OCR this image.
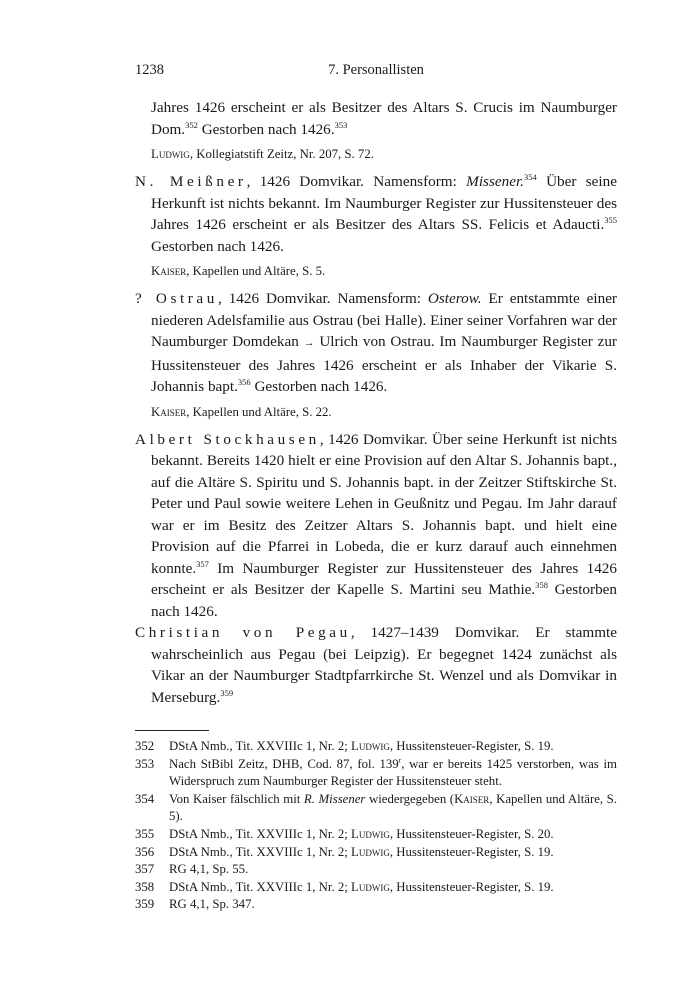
1238	7. Personallisten

Jahres 1426 erscheint er als Besitzer des Altars S. Crucis im Naumburger Dom.$^{352}$ Gestorben nach 1426.$^{353}$

Ludwig, Kollegiatstift Zeitz, Nr. 207, S. 72.

N. Meißner, 1426 Domvikar. Namensform: Missener.$^{354}$ Über seine Herkunft ist nichts bekannt. Im Naumburger Register zur Hussitensteuer des Jahres 1426 erscheint er als Besitzer des Altars SS. Felicis et Adaucti.$^{355}$ Gestorben nach 1426.

Kaiser, Kapellen und Altäre, S. 5.

? Ostrau, 1426 Domvikar. Namensform: Osterow. Er entstammte einer niederen Adelsfamilie aus Ostrau (bei Halle). Einer seiner Vorfahren war der Naumburger Domdekan → Ulrich von Ostrau. Im Naumburger Register zur Hussitensteuer des Jahres 1426 erscheint er als Inhaber der Vikarie S. Johannis bapt.$^{356}$ Gestorben nach 1426.

Kaiser, Kapellen und Altäre, S. 22.

Albert Stockhausen, 1426 Domvikar. Über seine Herkunft ist nichts bekannt. Bereits 1420 hielt er eine Provision auf den Altar S. Johannis bapt., auf die Altäre S. Spiritu und S. Johannis bapt. in der Zeitzer Stiftskirche St. Peter und Paul sowie weitere Lehen in Geußnitz und Pegau. Im Jahr darauf war er im Besitz des Zeitzer Altars S. Johannis bapt. und hielt eine Provision auf die Pfarrei in Lobeda, die er kurz darauf auch einnehmen konnte.$^{357}$ Im Naumburger Register zur Hussitensteuer des Jahres 1426 erscheint er als Besitzer der Kapelle S. Martini seu Mathie.$^{358}$ Gestorben nach 1426.

Christian von Pegau, 1427–1439 Domvikar. Er stammte wahrscheinlich aus Pegau (bei Leipzig). Er begegnet 1424 zunächst als Vikar an der Naumburger Stadtpfarrkirche St. Wenzel und als Domvikar in Merseburg.$^{359}$

352 DStA Nmb., Tit. XXVIIIc 1, Nr. 2; Ludwig, Hussitensteuer-Register, S. 19.
353 Nach StBibl Zeitz, DHB, Cod. 87, fol. 139$^r$, war er bereits 1425 verstorben, was im Widerspruch zum Naumburger Register der Hussitensteuer steht.
354 Von Kaiser fälschlich mit R. Missener wiedergegeben (Kaiser, Kapellen und Altäre, S. 5).
355 DStA Nmb., Tit. XXVIIIc 1, Nr. 2; Ludwig, Hussitensteuer-Register, S. 20.
356 DStA Nmb., Tit. XXVIIIc 1, Nr. 2; Ludwig, Hussitensteuer-Register, S. 19.
357 RG 4,1, Sp. 55.
358 DStA Nmb., Tit. XXVIIIc 1, Nr. 2; Ludwig, Hussitensteuer-Register, S. 19.
359 RG 4,1, Sp. 347.
